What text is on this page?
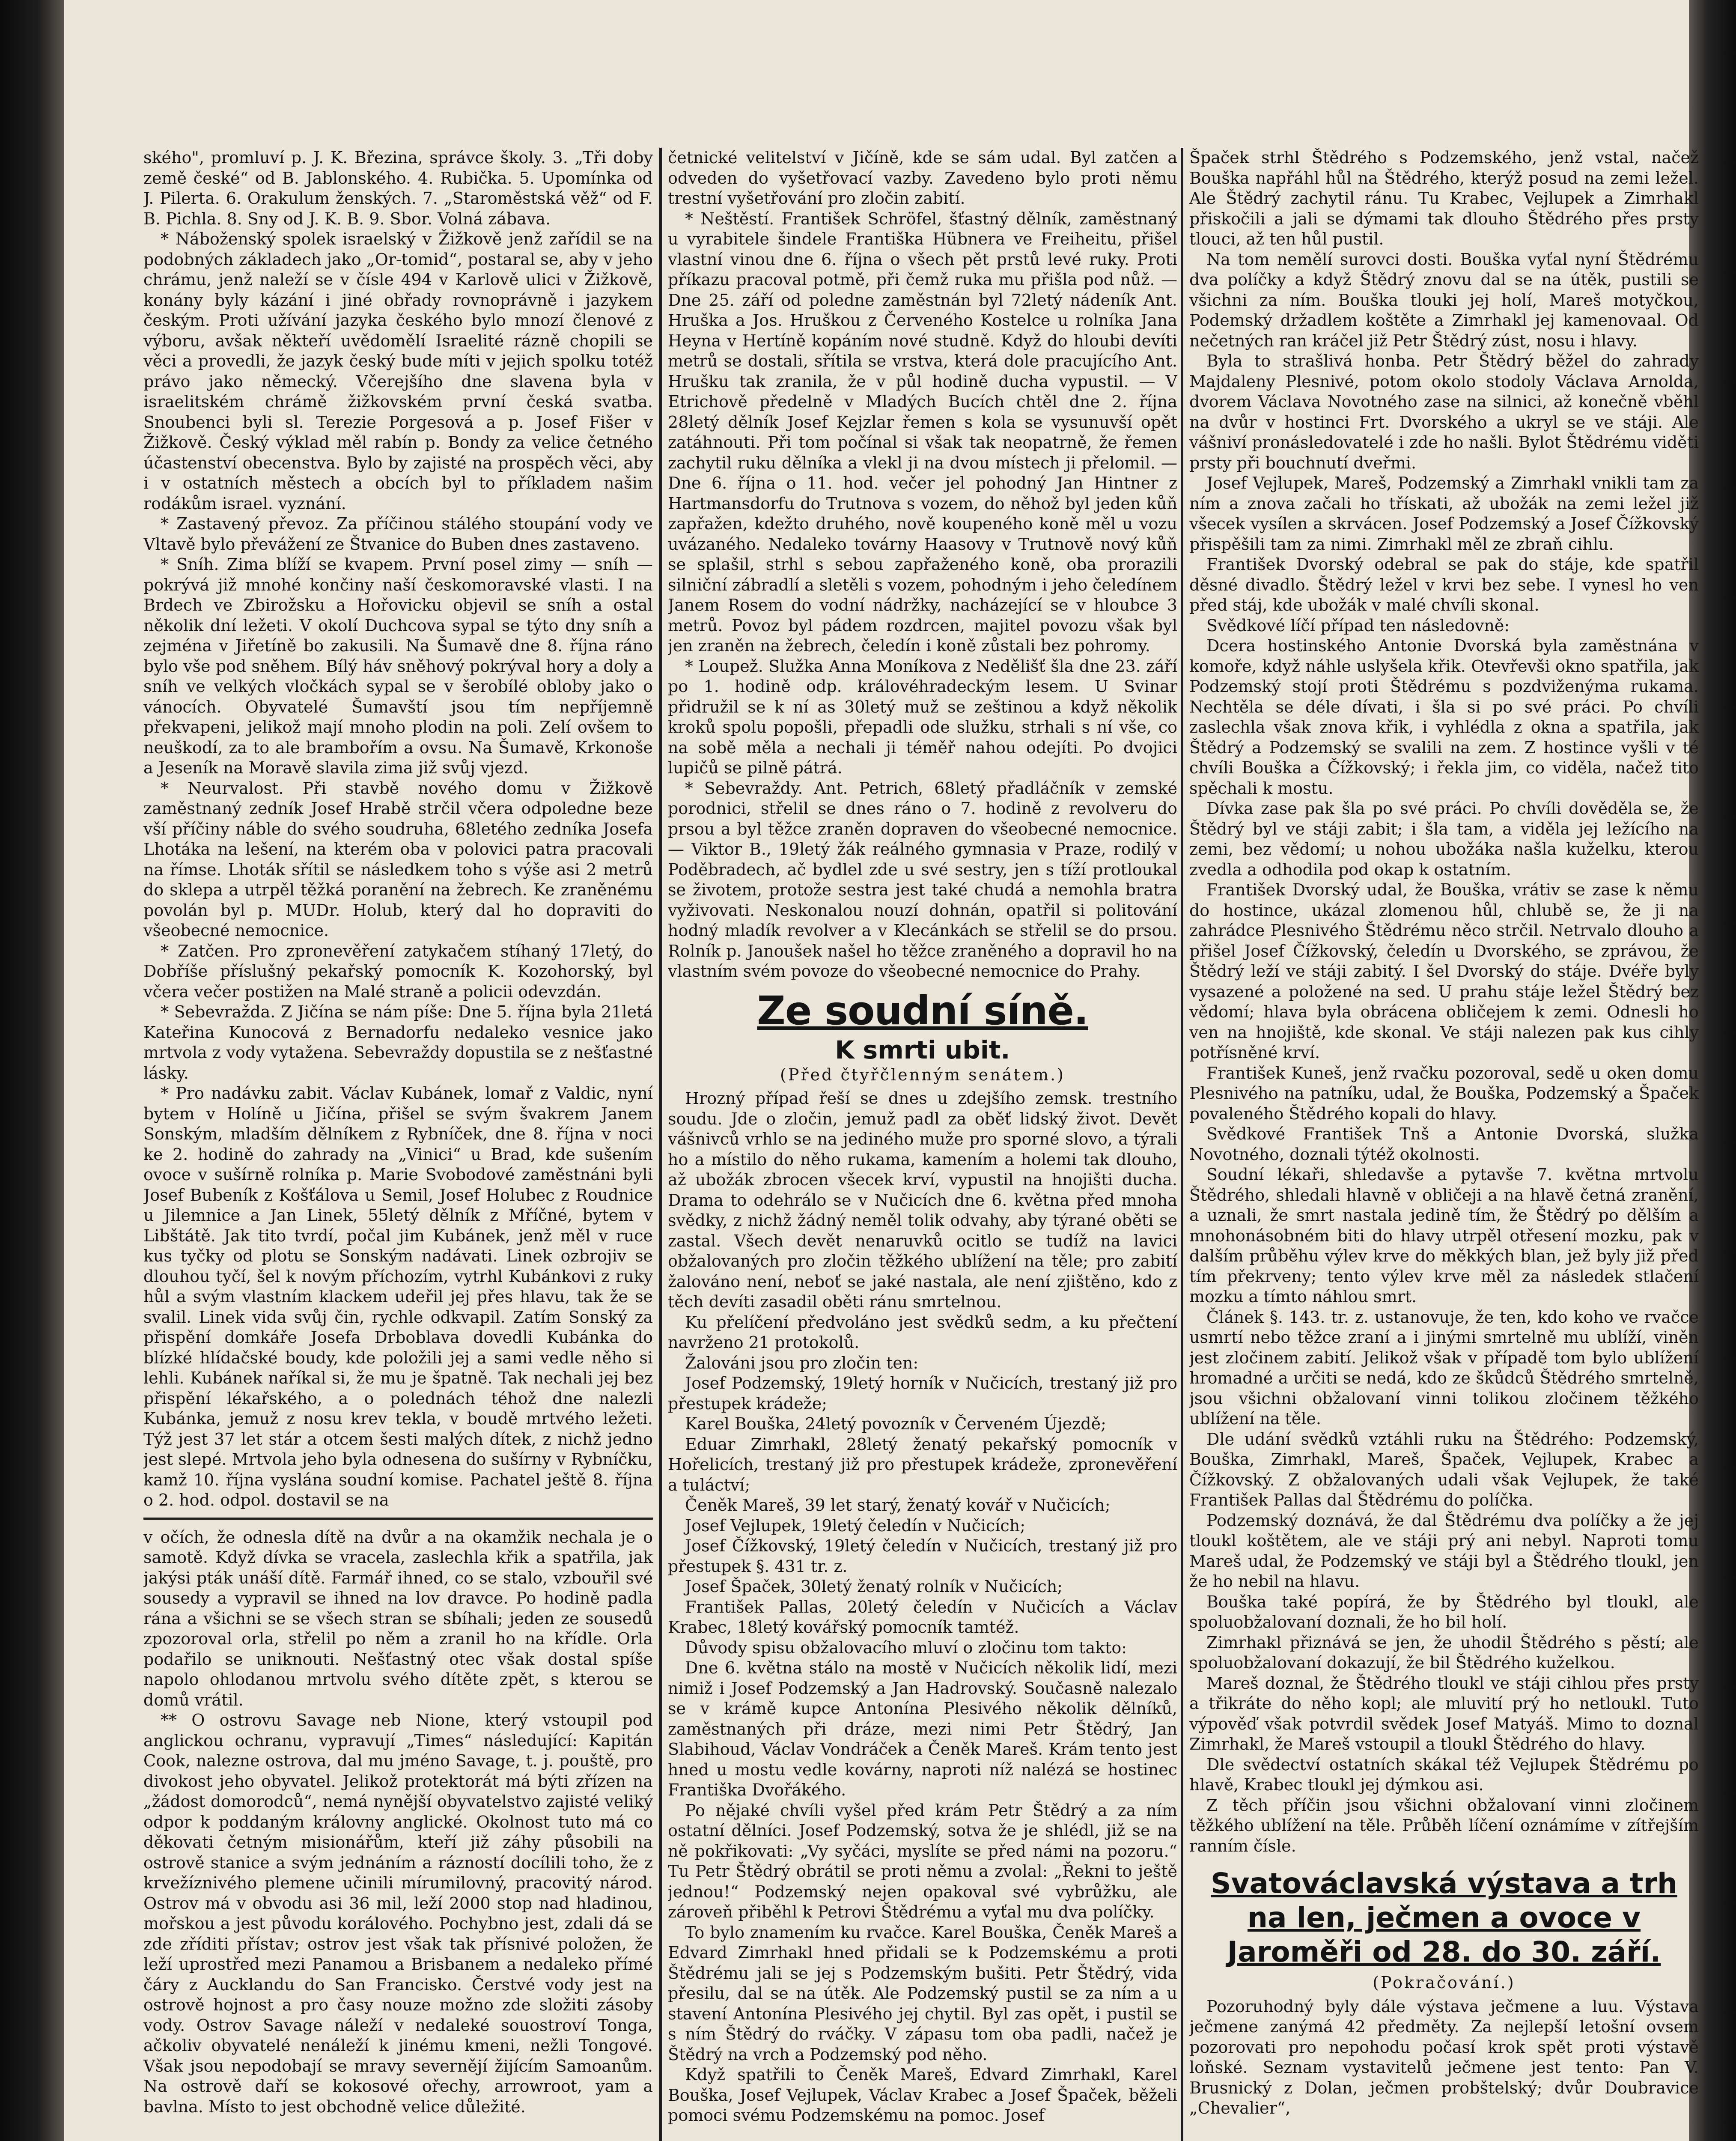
ského", promluví p. J. K. Březina, správce školy. 3. „Tři doby země české“ od B. Jablonského. 4. Rubička. 5. Upomínka od J. Pilerta. 6. Orakulum ženských. 7. „Staroměstská věž“ od F. B. Pichla. 8. Sny od J. K. B. 9. Sbor. Volná zábava.

* Náboženský spolek israelský v Žižkově jenž zařídil se na podobných základech jako „Or-tomid“, postaral se, aby v jeho chrámu, jenž naleží se v čísle 494 v Karlově ulici v Žižkově, konány byly kázání i jiné obřady rovnoprávně i jazykem českým. Proti užívání jazyka českého bylo mnozí členové z výboru, avšak někteří uvědomělí Israelité rázně chopili se věci a provedli, že jazyk český bude míti v jejich spolku totéž právo jako německý. Včerejšího dne slavena byla v israelitském chrámě žižkovském první česká svatba. Snoubenci byli sl. Terezie Porgesová a p. Josef Fišer v Žižkově. Český výklad měl rabín p. Bondy za velice četného účastenství obecenstva. Bylo by zajisté na prospěch věci, aby i v ostatních městech a obcích byl to příkladem našim rodákům israel. vyznání.

* Zastavený převoz. Za příčinou stálého stoupání vody ve Vltavě bylo převážení ze Štvanice do Buben dnes zastaveno.

* Sníh. Zima blíží se kvapem. První posel zimy — sníh — pokrývá již mnohé končiny naší českomoravské vlasti. I na Brdech ve Zbirožsku a Hořovicku objevil se sníh a ostal několik dní ležeti. V okolí Duchcova sypal se týto dny sníh a zejména v Jiřetíně bo zakusili. Na Šumavě dne 8. října ráno bylo vše pod sněhem. Bílý háv sněhový pokrýval hory a doly a sníh ve velkých vločkách sypal se v šerobílé obloby jako o vánocích. Obyvatelé Šumavští jsou tím nepříjemně překvapeni, jelikož mají mnoho plodin na poli. Zelí ovšem to neuškodí, za to ale brambořím a ovsu. Na Šumavě, Krkonoše a Jeseník na Moravě slavila zima již svůj vjezd.

* Neurvalost. Při stavbě nového domu v Žižkově zaměstnaný zedník Josef Hrabě strčil včera odpoledne beze vší příčiny náble do svého soudruha, 68letého zedníka Josefa Lhotáka na lešení, na kterém oba v polovici patra pracovali na římse. Lhoták sřítil se následkem toho s výše asi 2 metrů do sklepa a utrpěl těžká poranění na žebrech. Ke zraněnému povolán byl p. MUDr. Holub, který dal ho dopraviti do všeobecné nemocnice.

* Zatčen. Pro zpronevěření zatykačem stíhaný 17letý, do Dobříše příslušný pekařský pomocník K. Kozohorský, byl včera večer postižen na Malé straně a policii odevzdán.

* Sebevražda. Z Jičína se nám píše: Dne 5. října byla 21letá Kateřina Kunocová z Bernadorfu nedaleko vesnice jako mrtvola z vody vytažena. Sebevraždy dopustila se z nešťastné lásky.

* Pro nadávku zabit. Václav Kubánek, lomař z Valdic, nyní bytem v Holíně u Jičína, přišel se svým švakrem Janem Sonským, mladším dělníkem z Rybníček, dne 8. října v noci ke 2. hodině do zahrady na „Vinici“ u Brad, kde sušením ovoce v sušírně rolníka p. Marie Svobodové zaměstnáni byli Josef Bubeník z Košťálova u Semil, Josef Holubec z Roudnice u Jilemnice a Jan Linek, 55letý dělník z Mříčné, bytem v Libštátě. Jak tito tvrdí, počal jim Kubánek, jenž měl v ruce kus tyčky od plotu se Sonským nadávati. Linek ozbrojiv se dlouhou tyčí, šel k novým příchozím, vytrhl Kubánkovi z ruky hůl a svým vlastním klackem udeřil jej přes hlavu, tak že se svalil. Linek vida svůj čin, rychle odkvapil. Zatím Sonský za přispění domkáře Josefa Drboblava dovedli Kubánka do blízké hlídačské boudy, kde položili jej a sami vedle něho si lehli. Kubánek naříkal si, že mu je špatně. Tak nechali jej bez přispění lékařského, a o polednách téhož dne nalezli Kubánka, jemuž z nosu krev tekla, v boudě mrtvého ležeti. Týž jest 37 let stár a otcem šesti malých dítek, z nichž jedno jest slepé. Mrtvola jeho byla odnesena do sušírny v Rybníčku, kamž 10. října vyslána soudní komise. Pachatel ještě 8. října o 2. hod. odpol. dostavil se na

v očích, že odnesla dítě na dvůr a na okamžik nechala je o samotě. Když dívka se vracela, zaslechla křik a spatřila, jak jakýsi pták unáší dítě. Farmář ihned, co se stalo, vzbouřil své sousedy a vypravil se ihned na lov dravce. Po hodině padla rána a všichni se se všech stran se sbíhali; jeden ze sousedů zpozoroval orla, střelil po něm a zranil ho na křídle. Orla podařilo se uniknouti. Nešťastný otec však dostal spíše napolo ohlodanou mrtvolu svého dítěte zpět, s kterou se domů vrátil.

** O ostrovu Savage neb Nione, který vstoupil pod anglickou ochranu, vypravují „Times“ následující: Kapitán Cook, nalezne ostrova, dal mu jméno Savage, t. j. pouště, pro divokost jeho obyvatel. Jelikož protektorát má býti zřízen na „žádost domorodců“, nemá nynější obyvatelstvo zajisté veliký odpor k poddaným královny anglické. Okolnost tuto má co děkovati četným misionářům, kteří již záhy působili na ostrově stanice a svým jednáním a rázností docílili toho, že z krvežíznivého plemene učinili mírumilovný, pracovitý národ. Ostrov má v obvodu asi 36 mil, leží 2000 stop nad hladinou, mořskou a jest původu korálového. Pochybno jest, zdali dá se zde zříditi přístav; ostrov jest však tak přísnivé položen, že leží uprostřed mezi Panamou a Brisbanem a nedaleko přímé čáry z Aucklandu do San Francisko. Čerstvé vody jest na ostrově hojnost a pro časy nouze možno zde složiti zásoby vody. Ostrov Savage náleží v nedaleké souostroví Tonga, ačkoliv obyvatelé nenáleží k jinému kmeni, nežli Tongové. Však jsou nepodobají se mravy severnějí žijícím Samoanům. Na ostrově daří se kokosové ořechy, arrowroot, yam a bavlna. Místo to jest obchodně velice důležité.

četnické velitelství v Jičíně, kde se sám udal. Byl zatčen a odveden do vyšetřovací vazby. Zavedeno bylo proti němu trestní vyšetřování pro zločin zabití.

* Neštěstí. František Schröfel, šťastný dělník, zaměstnaný u vyrabitele šindele Františka Hübnera ve Freiheitu, přišel vlastní vinou dne 6. října o všech pět prstů levé ruky. Proti příkazu pracoval potmě, při čemž ruka mu přišla pod nůž. — Dne 25. září od poledne zaměstnán byl 72letý nádeník Ant. Hruška a Jos. Hruškou z Červeného Kostelce u rolníka Jana Heyna v Hertíně kopáním nové studně. Když do hloubi devíti metrů se dostali, sřítila se vrstva, která dole pracujícího Ant. Hrušku tak zranila, že v půl hodině ducha vypustil. — V Etrichově předelně v Mladých Bucích chtěl dne 2. října 28letý dělník Josef Kejzlar řemen s kola se vysunuvší opět zatáhnouti. Při tom počínal si však tak neopatrně, že řemen zachytil ruku dělníka a vlekl ji na dvou místech ji přelomil. — Dne 6. října o 11. hod. večer jel pohodný Jan Hintner z Hartmansdorfu do Trutnova s vozem, do něhož byl jeden kůň zapřažen, kdežto druhého, nově koupeného koně měl u vozu uvázaného. Nedaleko továrny Haasovy v Trutnově nový kůň se splašil, strhl s sebou zapřaženého koně, oba prorazili silniční zábradlí a sletěli s vozem, pohodným i jeho čeledínem Janem Rosem do vodní nádržky, nacházející se v hloubce 3 metrů. Povoz byl pádem rozdrcen, majitel povozu však byl jen zraněn na žebrech, čeledín i koně zůstali bez pohromy.

* Loupež. Služka Anna Moníkova z Nedělišť šla dne 23. září po 1. hodině odp. královéhradeckým lesem. U Svinar přidružil se k ní as 30letý muž se zeštinou a když několik kroků spolu popošli, přepadli ode služku, strhali s ní vše, co na sobě měla a nechali ji téměř nahou odejíti. Po dvojici lupičů se pilně pátrá.

* Sebevraždy. Ant. Petrich, 68letý přadláčník v zemské porodnici, střelil se dnes ráno o 7. hodině z revolveru do prsou a byl těžce zraněn dopraven do všeobecné nemocnice. — Viktor B., 19letý žák reálného gymnasia v Praze, rodilý v Poděbradech, ač bydlel zde u své sestry, jen s tíží protloukal se životem, protože sestra jest také chudá a nemohla bratra vyživovati. Neskonalou nouzí dohnán, opatřil si politování hodný mladík revolver a v Klecánkách se střelil se do prsou. Rolník p. Janoušek našel ho těžce zraněného a dopravil ho na vlastním svém povoze do všeobecné nemocnice do Prahy.

Ze soudní síně.
K smrti ubit.
(Před čtyřčlenným senátem.)

Hrozný případ řeší se dnes u zdejšího zemsk. trestního soudu. Jde o zločin, jemuž padl za oběť lidský život. Devět vášnivců vrhlo se na jediného muže pro sporné slovo, a týrali ho a místilo do něho rukama, kamením a holemi tak dlouho, až ubožák zbrocen všecek krví, vypustil na hnojišti ducha. Drama to odehrálo se v Nučicích dne 6. května před mnoha svědky, z nichž žádný neměl tolik odvahy, aby týrané oběti se zastal. Všech devět nenaruvků ocitlo se tudíž na lavici obžalovaných pro zločin těžkého ublížení na těle; pro zabití žalováno není, neboť se jaké nastala, ale není zjištěno, kdo z těch devíti zasadil oběti ránu smrtelnou.

Ku přelíčení předvoláno jest svědků sedm, a ku přečtení navrženo 21 protokolů.

Žalováni jsou pro zločin ten:

Josef Podzemský, 19letý horník v Nučicích, trestaný již pro přestupek krádeže;

Karel Bouška, 24letý povozník v Červeném Újezdě;

Eduar Zimrhakl, 28letý ženatý pekařský pomocník v Hořelicích, trestaný již pro přestupek krádeže, zpronevěření a tuláctví;

Čeněk Mareš, 39 let starý, ženatý kovář v Nučicích;

Josef Vejlupek, 19letý čeledín v Nučicích;

Josef Čížkovský, 19letý čeledín v Nučicích, trestaný již pro přestupek §. 431 tr. z.

Josef Špaček, 30letý ženatý rolník v Nučicích;

František Pallas, 20letý čeledín v Nučicích a Václav Krabec, 18letý kovářský pomocník tamtéž.

Důvody spisu obžalovacího mluví o zločinu tom takto:

Dne 6. května stálo na mostě v Nučicích několik lidí, mezi nimiž i Josef Podzemský a Jan Hadrovský. Současně nalezalo se v krámě kupce Antonína Plesivého několik dělníků, zaměstnaných při dráze, mezi nimi Petr Štědrý, Jan Slabihoud, Václav Vondráček a Čeněk Mareš. Krám tento jest hned u mostu vedle kovárny, naproti níž nalézá se hostinec Františka Dvořákého.

Po nějaké chvíli vyšel před krám Petr Štědrý a za ním ostatní dělníci. Josef Podzemský, sotva že je shlédl, již se na ně pokřikovati: „Vy syčáci, myslíte se před námi na pozoru.“ Tu Petr Štědrý obrátil se proti němu a zvolal: „Řekni to ještě jednou!“ Podzemský nejen opakoval své vybrůžku, ale zároveň přiběhl k Petrovi Štědrému a vyťal mu dva políčky.

To bylo znamením ku rvačce. Karel Bouška, Čeněk Mareš a Edvard Zimrhakl hned přidali se k Podzemskému a proti Štědrému jali se jej s Podzemským bušiti. Petr Štědrý, vida přesilu, dal se na útěk. Ale Podzemský pustil se za ním a u stavení Antonína Plesivého jej chytil. Byl zas opět, i pustil se s ním Štědrý do rváčky. V zápasu tom oba padli, načež je Štědrý na vrch a Podzemský pod něho.

Když spatřili to Čeněk Mareš, Edvard Zimrhakl, Karel Bouška, Josef Vejlupek, Václav Krabec a Josef Špaček, běželi pomoci svému Podzemskému na pomoc. Josef

Špaček strhl Štědrého s Podzemského, jenž vstal, načež Bouška napřáhl hůl na Štědrého, kterýž posud na zemi ležel. Ale Štědrý zachytil ránu. Tu Krabec, Vejlupek a Zimrhakl přiskočili a jali se dýmami tak dlouho Štědrého přes prsty tlouci, až ten hůl pustil.

Na tom nemělí surovci dosti. Bouška vyťal nyní Štědrému dva políčky a když Štědrý znovu dal se na útěk, pustili se všichni za ním. Bouška tlouki jej holí, Mareš motyčkou, Podemský držadlem koštěte a Zimrhakl jej kamenovaal. Od nečetných ran kráčel již Petr Štědrý zúst, nosu i hlavy.

Byla to strašlivá honba. Petr Štědrý běžel do zahrady Majdaleny Plesnivé, potom okolo stodoly Václava Arnolda, dvorem Václava Novotného zase na silnici, až konečně vběhl na dvůr v hostinci Frt. Dvorského a ukryl se ve stáji. Ale vášniví pronásledovatelé i zde ho našli. Bylot Štědrému viděti prsty při bouchnutí dveřmi.

Josef Vejlupek, Mareš, Podzemský a Zimrhakl vnikli tam za ním a znova začali ho třískati, až ubožák na zemi ležel již všecek vysílen a skrvácen. Josef Podzemský a Josef Čížkovský přispěšili tam za nimi. Zimrhakl měl ze zbraň cihlu.

František Dvorský odebral se pak do stáje, kde spatřil děsné divadlo. Štědrý ležel v krvi bez sebe. I vynesl ho ven před stáj, kde ubožák v malé chvíli skonal.

Svědkové líčí případ ten následovně:

Dcera hostinského Antonie Dvorská byla zaměstnána v komoře, když náhle uslyšela křik. Otevřevši okno spatřila, jak Podzemský stojí proti Štědrému s pozdviženýma rukama. Nechtěla se déle dívati, i šla si po své práci. Po chvíli zaslechla však znova křik, i vyhlédla z okna a spatřila, jak Štědrý a Podzemský se svalili na zem. Z hostince vyšli v té chvíli Bouška a Čížkovský; i řekla jim, co viděla, načež tito spěchali k mostu.

Dívka zase pak šla po své práci. Po chvíli dověděla se, že Štědrý byl ve stáji zabit; i šla tam, a viděla jej ležícího na zemi, bez vědomí; u nohou ubožáka našla kuželku, kterou zvedla a odhodila pod okap k ostatním.

František Dvorský udal, že Bouška, vrátiv se zase k němu do hostince, ukázal zlomenou hůl, chlubě se, že ji na zahrádce Plesnivého Štědrému něco strčil. Netrvalo dlouho a přišel Josef Čížkovský, čeledín u Dvorského, se zprávou, že Štědrý leží ve stáji zabitý. I šel Dvorský do stáje. Dvéře byly vysazené a položené na sed. U prahu stáje ležel Štědrý bez vědomí; hlava byla obrácena obličejem k zemi. Odnesli ho ven na hnojiště, kde skonal. Ve stáji nalezen pak kus cihly potřísněné krví.

František Kuneš, jenž rvačku pozoroval, sedě u oken domu Plesnivého na patníku, udal, že Bouška, Podzemský a Špaček povaleného Štědrého kopali do hlavy.

Svědkové František Tnš a Antonie Dvorská, služka Novotného, doznali týtéž okolnosti.

Soudní lékaři, shledavše a pytavše 7. května mrtvolu Štědrého, shledali hlavně v obličeji a na hlavě četná zranění, a uznali, že smrt nastala jedině tím, že Štědrý po dělším a mnohonásobném biti do hlavy utrpěl otřesení mozku, pak v dalším průběhu výlev krve do měkkých blan, jež byly již před tím překrveny; tento výlev krve měl za následek stlačení mozku a tímto náhlou smrt.

Článek §. 143. tr. z. ustanovuje, že ten, kdo koho ve rvačce usmrtí nebo těžce zraní a i jinými smrtelně mu ublíží, viněn jest zločinem zabití. Jelikož však v případě tom bylo ublížení hromadné a určiti se nedá, kdo ze škůdců Štědrého smrtelně, jsou všichni obžalovaní vinni tolikou zločinem těžkého ublížení na těle.

Dle udání svědků vztáhli ruku na Štědrého: Podzemský, Bouška, Zimrhakl, Mareš, Špaček, Vejlupek, Krabec a Čížkovský. Z obžalovaných udali však Vejlupek, že také František Pallas dal Štědrému do políčka.

Podzemský doznává, že dal Štědrému dva políčky a že jej tloukl koštětem, ale ve stáji prý ani nebyl. Naproti tomu Mareš udal, že Podzemský ve stáji byl a Štědrého tloukl, jen že ho nebil na hlavu.

Bouška také popírá, že by Štědrého byl tloukl, ale spoluobžalovaní doznali, že ho bil holí.

Zimrhakl přiznává se jen, že uhodil Štědrého s pěstí; ale spoluobžalovaní dokazují, že bil Štědrého kuželkou.

Mareš doznal, že Štědrého tloukl ve stáji cihlou přes prsty a třikráte do něho kopl; ale mluvití prý ho netloukl. Tuto výpověď však potvrdil svědek Josef Matyáš. Mimo to doznal Zimrhakl, že Mareš vstoupil a tloukl Štědrého do hlavy.

Dle svědectví ostatních skákal též Vejlupek Štědrému po hlavě, Krabec tloukl jej dýmkou asi.

Z těch příčin jsou všichni obžalovaní vinni zločinem těžkého ublížení na těle. Průběh líčení oznámíme v zítřejším ranním čísle.

Svatováclavská výstava a trh na len, ječmen a ovoce v Jaroměři od 28. do 30. září.
(Pokračování.)

Pozoruhodný byly dále výstava ječmene a luu. Výstava ječmene zanýmá 42 předměty. Za nejlepší letošní ovsem pozorovati pro nepohodu počasí krok spět proti výstavě loňské. Seznam vystavitelů ječmene jest tento: Pan V. Brusnický z Dolan, ječmen probštelský; dvůr Doubravice „Chevalier“,
